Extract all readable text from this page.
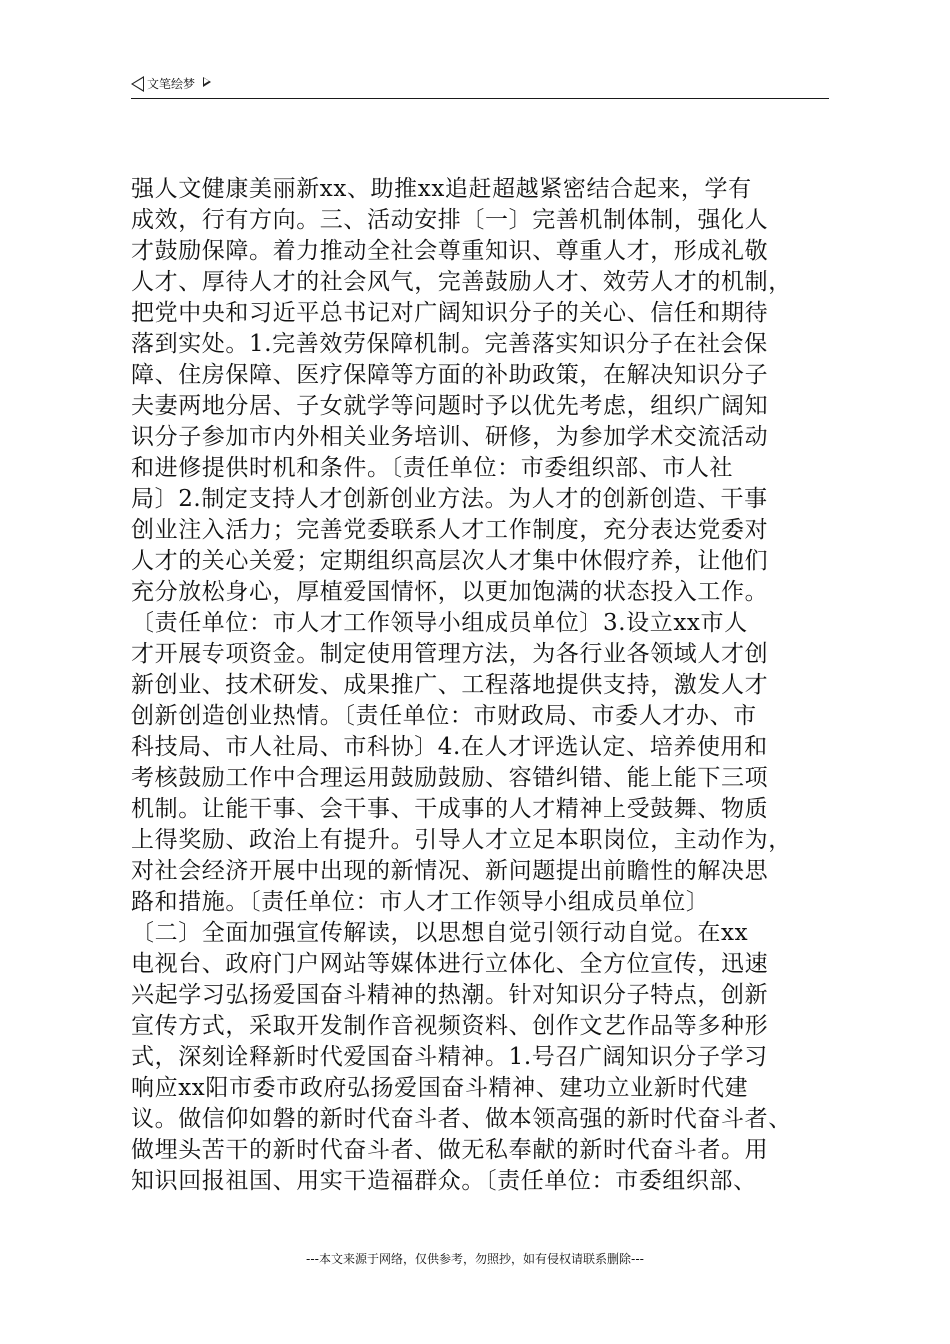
文笔绘梦
强人文健康美丽新xx、助推xx追赶超越紧密结合起来，学有
成效，行有方向。三、活动安排〔一〕完善机制体制，强化人
才鼓励保障。着力推动全社会尊重知识、尊重人才，形成礼敬
人才、厚待人才的社会风气，完善鼓励人才、效劳人才的机制，
把党中央和习近平总书记对广阔知识分子的关心、信任和期待
落到实处。1.完善效劳保障机制。完善落实知识分子在社会保
障、住房保障、医疗保障等方面的补助政策，在解决知识分子
夫妻两地分居、子女就学等问题时予以优先考虑，组织广阔知
识分子参加市内外相关业务培训、研修，为参加学术交流活动
和进修提供时机和条件。〔责任单位：市委组织部、市人社
局〕2.制定支持人才创新创业方法。为人才的创新创造、干事
创业注入活力；完善党委联系人才工作制度，充分表达党委对
人才的关心关爱；定期组织高层次人才集中休假疗养，让他们
充分放松身心，厚植爱国情怀，以更加饱满的状态投入工作。
〔责任单位：市人才工作领导小组成员单位〕3.设立xx市人
才开展专项资金。制定使用管理方法，为各行业各领域人才创
新创业、技术研发、成果推广、工程落地提供支持，激发人才
创新创造创业热情。〔责任单位：市财政局、市委人才办、市
科技局、市人社局、市科协〕4.在人才评选认定、培养使用和
考核鼓励工作中合理运用鼓励鼓励、容错纠错、能上能下三项
机制。让能干事、会干事、干成事的人才精神上受鼓舞、物质
上得奖励、政治上有提升。引导人才立足本职岗位，主动作为，
对社会经济开展中出现的新情况、新问题提出前瞻性的解决思
路和措施。〔责任单位：市人才工作领导小组成员单位〕
〔二〕全面加强宣传解读，以思想自觉引领行动自觉。在xx
电视台、政府门户网站等媒体进行立体化、全方位宣传，迅速
兴起学习弘扬爱国奋斗精神的热潮。针对知识分子特点，创新
宣传方式，采取开发制作音视频资料、创作文艺作品等多种形
式，深刻诠释新时代爱国奋斗精神。1.号召广阔知识分子学习
响应xx阳市委市政府弘扬爱国奋斗精神、建功立业新时代建
议。做信仰如磐的新时代奋斗者、做本领高强的新时代奋斗者、
做埋头苦干的新时代奋斗者、做无私奉献的新时代奋斗者。用
知识回报祖国、用实干造福群众。〔责任单位：市委组织部、
---本文来源于网络，仅供参考，勿照抄，如有侵权请联系删除---
